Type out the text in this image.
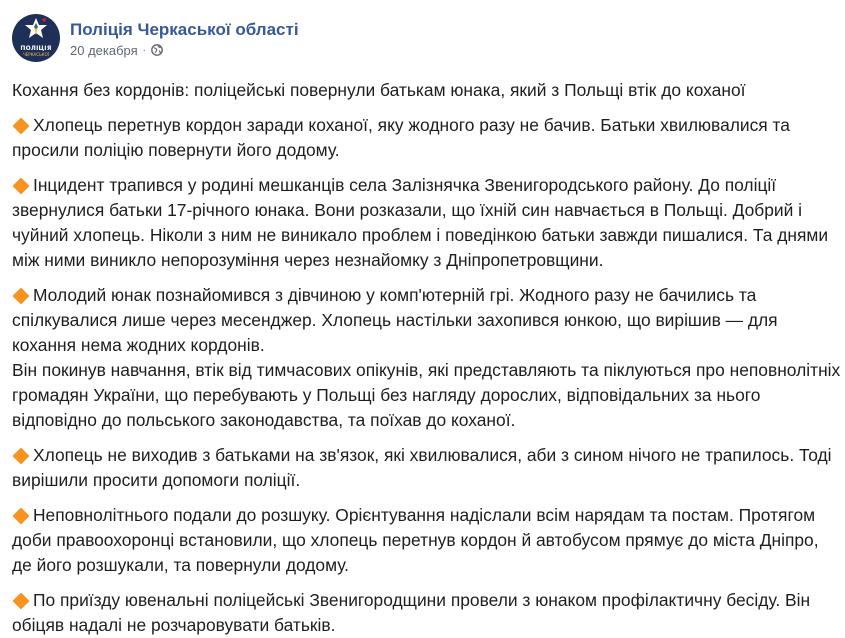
ПОЛІЦІЯ
ЧЕРКАСЬКОЇ
Поліція Черкаської області
20 декабря ·
Кохання без кордонів: поліцейські повернули батькам юнака, який з Польщі втік до коханої
Хлопець перетнув кордон заради коханої, яку жодного разу не бачив. Батьки хвилювалися та
просили поліцію повернути його додому.
Інцидент трапився у родині мешканців села Залізнячка Звенигородського району. До поліції
звернулися батьки 17-річного юнака. Вони розказали, що їхній син навчається в Польщі. Добрий і
чуйний хлопець. Ніколи з ним не виникало проблем і поведінкою батьки завжди пишалися. Та днями
між ними виникло непорозуміння через незнайомку з Дніпропетровщини.
Молодий юнак познайомився з дівчиною у комп'ютерній грі. Жодного разу не бачились та
спілкувалися лише через месенджер. Хлопець настільки захопився юнкою, що вирішив — для
кохання нема жодних кордонів.
Він покинув навчання, втік від тимчасових опікунів, які представляють та піклуються про неповнолітніх
громадян України, що перебувають у Польщі без нагляду дорослих, відповідальних за нього
відповідно до польського законодавства, та поїхав до коханої.
Хлопець не виходив з батьками на зв'язок, які хвилювалися, аби з сином нічого не трапилось. Тоді
вирішили просити допомоги поліції.
Неповнолітнього подали до розшуку. Орієнтування надіслали всім нарядам та постам. Протягом
доби правоохоронці встановили, що хлопець перетнув кордон й автобусом прямує до міста Дніпро,
де його розшукали, та повернули додому.
По приїзду ювенальні поліцейські Звенигородщини провели з юнаком профілактичну бесіду. Він
обіцяв надалі не розчаровувати батьків.
